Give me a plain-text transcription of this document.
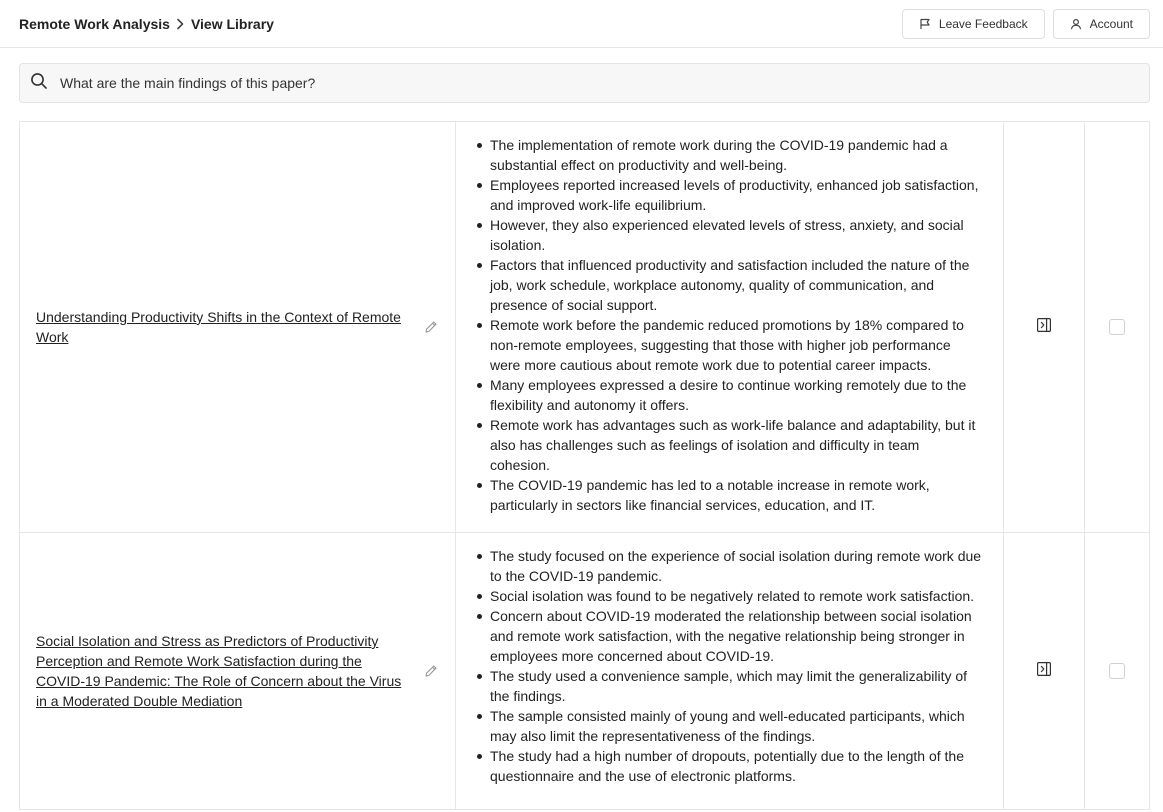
Remote Work Analysis View Library	Leave Feedback	Account
What are the main findings of this paper?
Understanding Productivity Shifts in the Context of Remote Work
The implementation of remote work during the COVID-19 pandemic had a substantial effect on productivity and well-being.
Employees reported increased levels of productivity, enhanced job satisfaction, and improved work-life equilibrium.
However, they also experienced elevated levels of stress, anxiety, and social isolation.
Factors that influenced productivity and satisfaction included the nature of the job, work schedule, workplace autonomy, quality of communication, and presence of social support.
Remote work before the pandemic reduced promotions by 18% compared to non-remote employees, suggesting that those with higher job performance were more cautious about remote work due to potential career impacts.
Many employees expressed a desire to continue working remotely due to the flexibility and autonomy it offers.
Remote work has advantages such as work-life balance and adaptability, but it also has challenges such as feelings of isolation and difficulty in team cohesion.
The COVID-19 pandemic has led to a notable increase in remote work, particularly in sectors like financial services, education, and IT.
Social Isolation and Stress as Predictors of Productivity Perception and Remote Work Satisfaction during the COVID-19 Pandemic: The Role of Concern about the Virus in a Moderated Double Mediation
The study focused on the experience of social isolation during remote work due to the COVID-19 pandemic.
Social isolation was found to be negatively related to remote work satisfaction.
Concern about COVID-19 moderated the relationship between social isolation and remote work satisfaction, with the negative relationship being stronger in employees more concerned about COVID-19.
The study used a convenience sample, which may limit the generalizability of the findings.
The sample consisted mainly of young and well-educated participants, which may also limit the representativeness of the findings.
The study had a high number of dropouts, potentially due to the length of the questionnaire and the use of electronic platforms.
